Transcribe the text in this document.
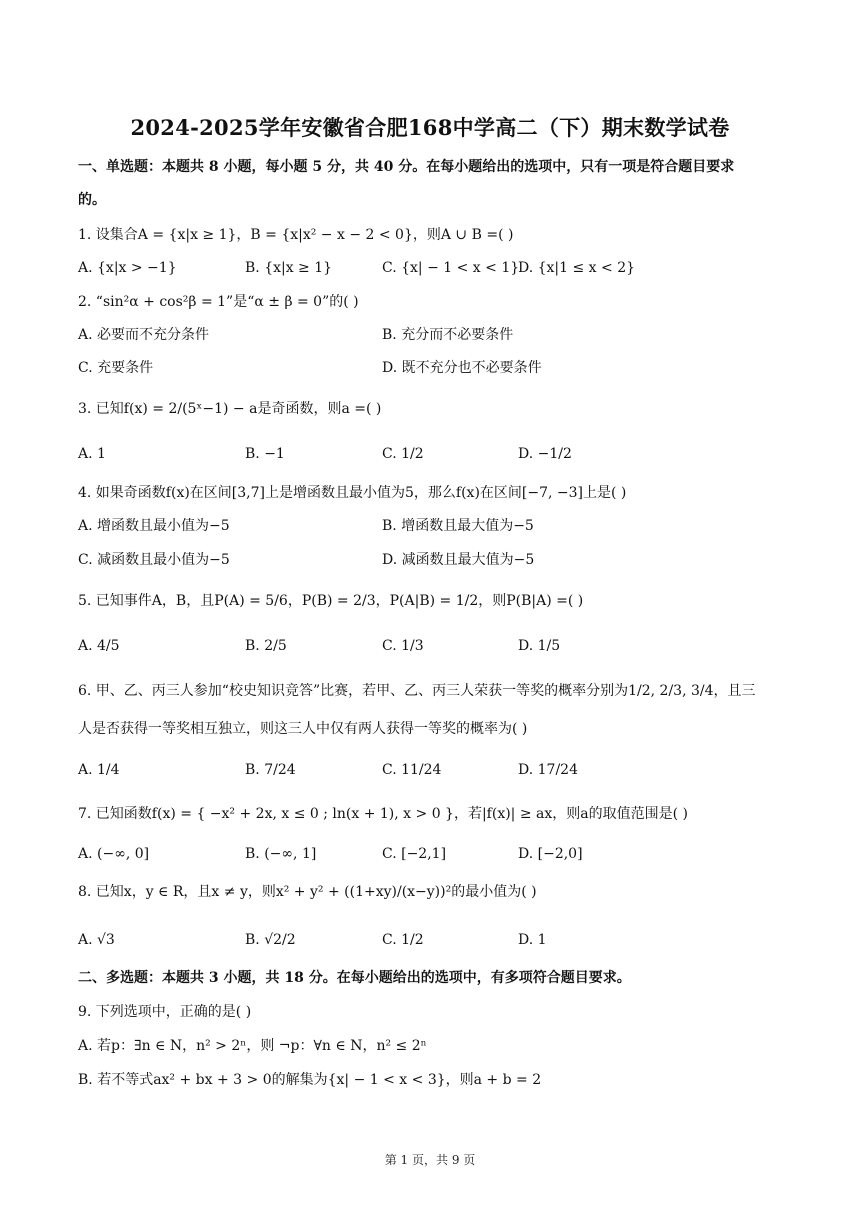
2024-2025学年安徽省合肥168中学高二（下）期末数学试卷
一、单选题：本题共 8 小题，每小题 5 分，共 40 分。在每小题给出的选项中，只有一项是符合题目要求
的。
1. 设集合A = {x|x ≥ 1}，B = {x|x² − x − 2 < 0}，则A ∪ B =( )
A. {x|x > −1}	B. {x|x ≥ 1}	C. {x| − 1 < x < 1}
D. {x|1 ≤ x < 2}
2. “sin²α + cos²β = 1”是“α ± β = 0”的( )
A. 必要而不充分条件	B. 充分而不必要条件
C. 充要条件	D. 既不充分也不必要条件
3. 已知f(x) = 2/(5ˣ−1) − a是奇函数，则a =( )
A. 1	B. −1	C. 1/2	D. −1/2
4. 如果奇函数f(x)在区间[3,7]上是增函数且最小值为5，那么f(x)在区间[−7, −3]上是( )
A. 增函数且最小值为−5	B. 增函数且最大值为−5
C. 减函数且最小值为−5	D. 减函数且最大值为−5
5. 已知事件A，B，且P(A) = 5/6，P(B) = 2/3，P(A|B) = 1/2，则P(B|A) =( )
A. 4/5	B. 2/5	C. 1/3	D. 1/5
6. 甲、乙、丙三人参加“校史知识竞答”比赛，若甲、乙、丙三人荣获一等奖的概率分别为1/2, 2/3, 3/4，且三
人是否获得一等奖相互独立，则这三人中仅有两人获得一等奖的概率为( )
A. 1/4	B. 7/24	C. 11/24	D. 17/24
7. 已知函数f(x) = { −x² + 2x, x ≤ 0 ; ln(x + 1), x > 0 }，若|f(x)| ≥ ax，则a的取值范围是( )
A. (−∞, 0]	B. (−∞, 1]	C. [−2,1]	D. [−2,0]
8. 已知x，y ∈ R，且x ≠ y，则x² + y² + ((1+xy)/(x−y))²的最小值为( )
A. √3	B. √2/2	C. 1/2	D. 1
二、多选题：本题共 3 小题，共 18 分。在每小题给出的选项中，有多项符合题目要求。
9. 下列选项中，正确的是( )
A. 若p：∃n ∈ N，n² > 2ⁿ，则 ¬p：∀n ∈ N，n² ≤ 2ⁿ
B. 若不等式ax² + bx + 3 > 0的解集为{x| − 1 < x < 3}，则a + b = 2
第 1 页，共 9 页
